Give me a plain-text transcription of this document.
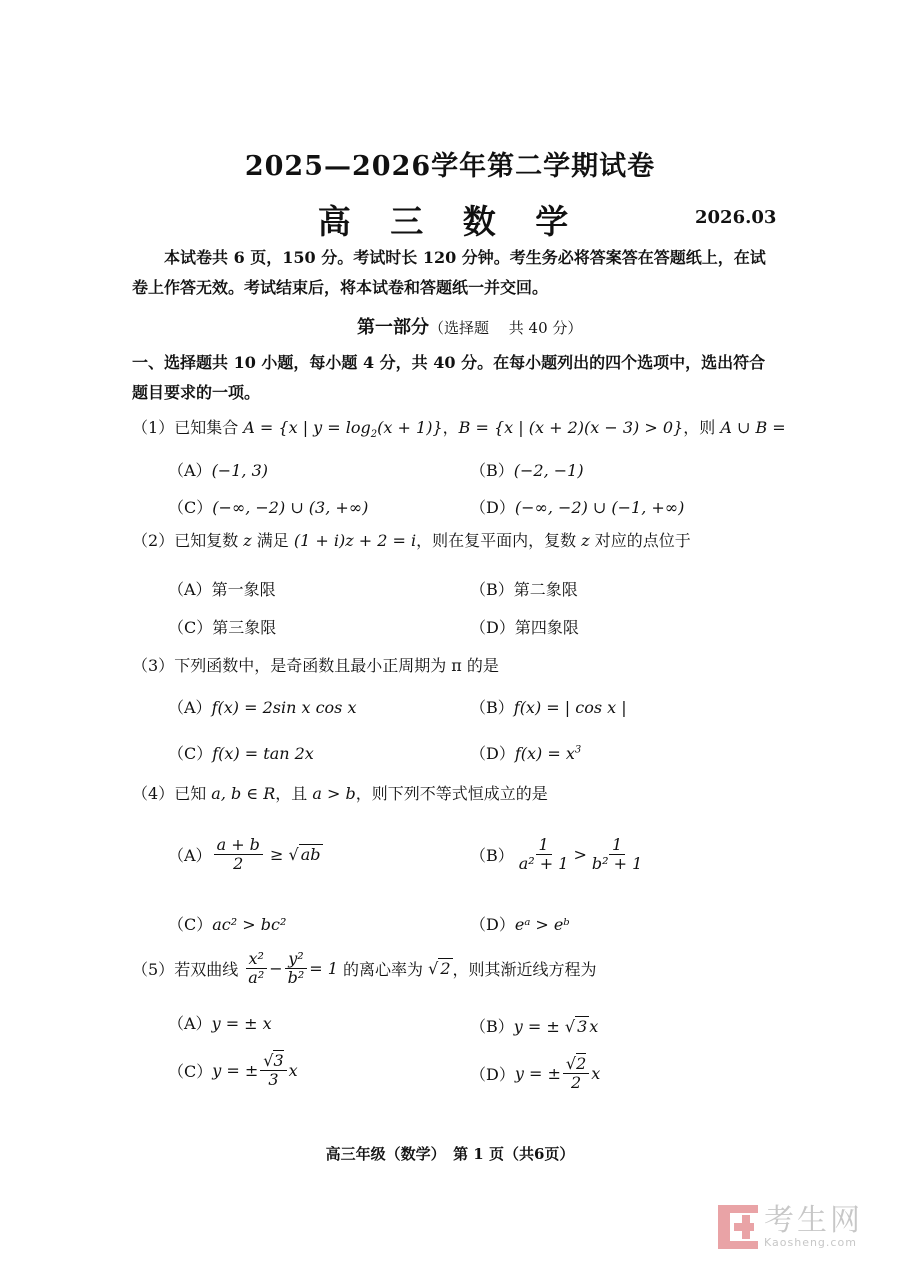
2025—2026学年第二学期试卷
高 三 数 学	2026.03
本试卷共 6 页，150 分。考试时长 120 分钟。考生务必将答案答在答题纸上，在试
卷上作答无效。考试结束后，将本试卷和答题纸一并交回。
第一部分（选择题　 共 40 分）
一、选择题共 10 小题，每小题 4 分，共 40 分。在每小题列出的四个选项中，选出符合
题目要求的一项。
（1）已知集合 A = {x | $y = \log_2(x + 1)$}，B = {x | (x + 2)(x − 3) > 0}，则 A ∪ B =
（A）(−1, 3)	（B）(−2, −1)
（C）(−∞, −2) ∪ (3, +∞)	（D）(−∞, −2) ∪ (−1, +∞)
（2）已知复数 z 满足 (1 + i)z + 2 = i，则在复平面内，复数 z 对应的点位于
（A）第一象限	（B）第二象限
（C）第三象限	（D）第四象限
（3）下列函数中，是奇函数且最小正周期为 π 的是
（A）f(x) = 2sin x cos x	（B）f(x) = | cos x |
（C）f(x) = tan 2x	$(D)f(x) = x^3$
（4）已知 a, b ∈ R，且 a > b，则下列不等式恒成立的是
$(A) \frac{a + b}{2}$ ≥ √ ab	$(B) \frac{1}{\text{a² + 1}} > \frac{1}{\text{b² + 1}}$
（C）ac² > bc²	（D）eᵃ > eᵇ
（5）若双曲线 $\frac{\text{x²}}{\text{a²}} - \frac{\text{y²}}{\text{b²}} = 1$ 的离心率为 √ 2 ，则其渐近线方程为
（A）y = ± x	（B）y = ± √ 3 x
（C）y = ± $\frac{√3}{3}$ x	（D）y = ± $\frac{√2}{2}$ x
高三年级（数学）　第 1 页（共6页）
考生网
Kaosheng.com
